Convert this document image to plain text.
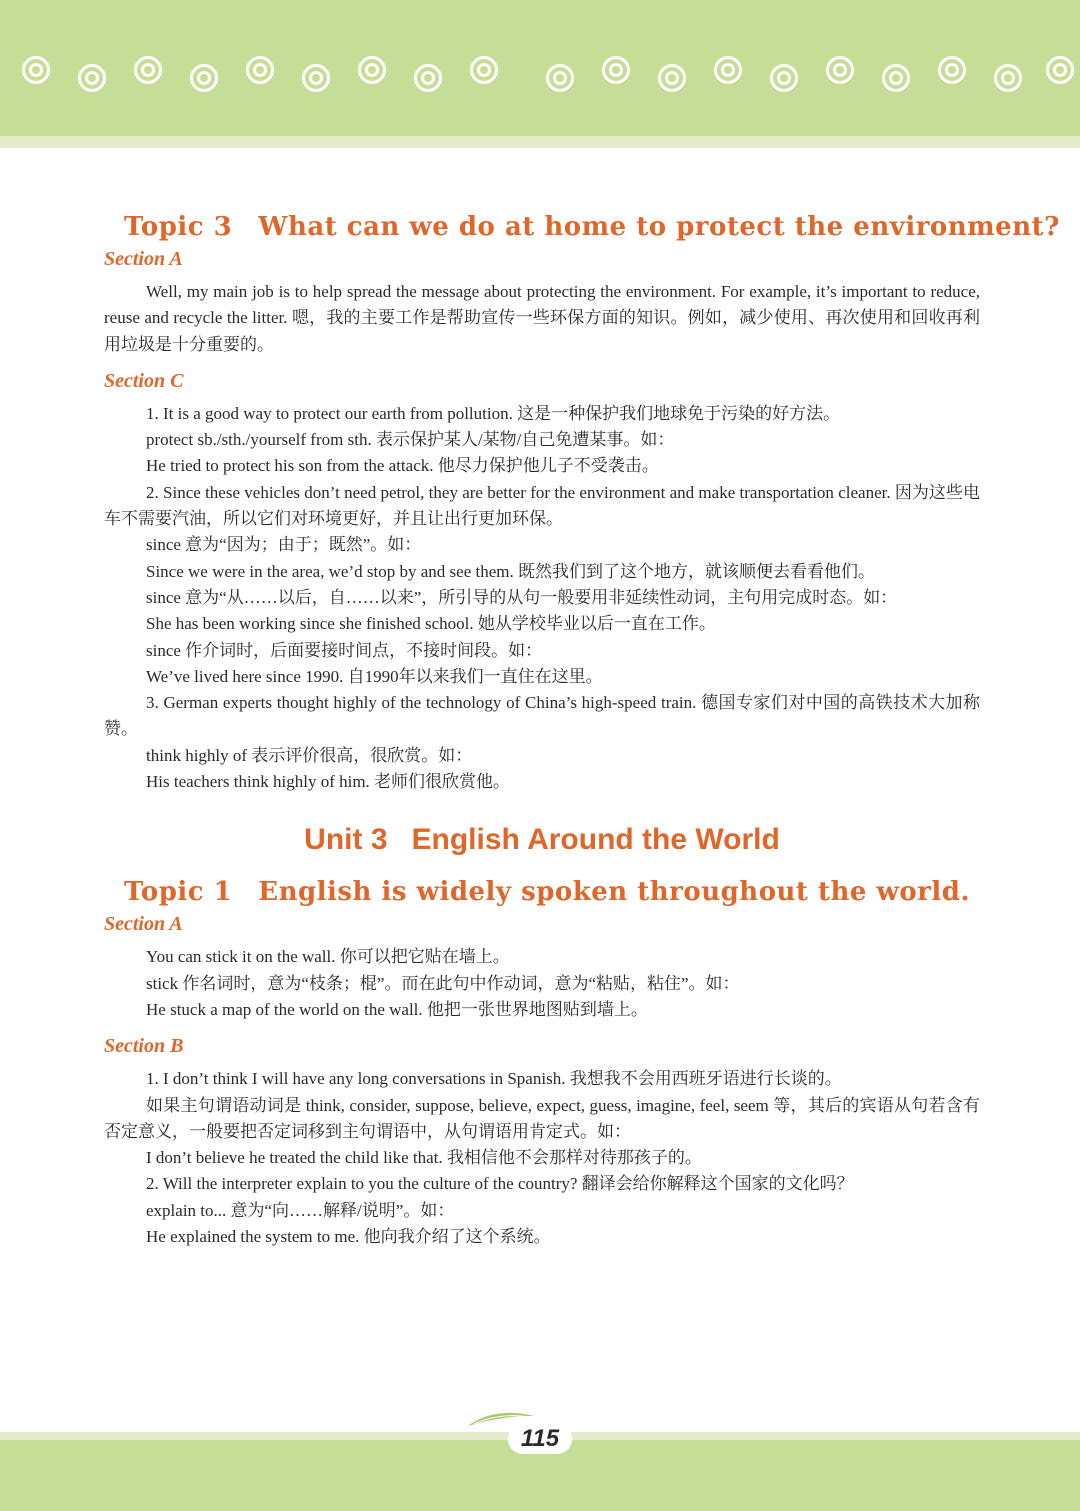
Topic 3 What can we do at home to protect the environment?
Section A

Well, my main job is to help spread the message about protecting the environment. For example, it’s important to reduce, reuse and recycle the litter. 嗯，我的主要工作是帮助宣传一些环保方面的知识。例如，减少使用、再次使用和回收再利用垃圾是十分重要的。

Section C

1. It is a good way to protect our earth from pollution. 这是一种保护我们地球免于污染的好方法。

protect sb./sth./yourself from sth. 表示保护某人/某物/自己免遭某事。如：

He tried to protect his son from the attack. 他尽力保护他儿子不受袭击。

2. Since these vehicles don’t need petrol, they are better for the environment and make transportation cleaner. 因为这些电车不需要汽油，所以它们对环境更好，并且让出行更加环保。

since 意为“因为；由于；既然”。如：

Since we were in the area, we’d stop by and see them. 既然我们到了这个地方，就该顺便去看看他们。

since 意为“从……以后，自……以来”，所引导的从句一般要用非延续性动词，主句用完成时态。如：

She has been working since she finished school. 她从学校毕业以后一直在工作。

since 作介词时，后面要接时间点，不接时间段。如：

We’ve lived here since 1990. 自1990年以来我们一直住在这里。

3. German experts thought highly of the technology of China’s high-speed train. 德国专家们对中国的高铁技术大加称赞。

think highly of 表示评价很高，很欣赏。如：

His teachers think highly of him. 老师们很欣赏他。

Unit 3 English Around the World
Topic 1 English is widely spoken throughout the world.
Section A

You can stick it on the wall. 你可以把它贴在墙上。

stick 作名词时，意为“枝条；棍”。而在此句中作动词，意为“粘贴，粘住”。如：

He stuck a map of the world on the wall. 他把一张世界地图贴到墙上。

Section B

1. I don’t think I will have any long conversations in Spanish. 我想我不会用西班牙语进行长谈的。

如果主句谓语动词是 think, consider, suppose, believe, expect, guess, imagine, feel, seem 等，其后的宾语从句若含有否定意义，一般要把否定词移到主句谓语中，从句谓语用肯定式。如：

I don’t believe he treated the child like that. 我相信他不会那样对待那孩子的。

2. Will the interpreter explain to you the culture of the country? 翻译会给你解释这个国家的文化吗？

explain to... 意为“向……解释/说明”。如：

He explained the system to me. 他向我介绍了这个系统。

115
